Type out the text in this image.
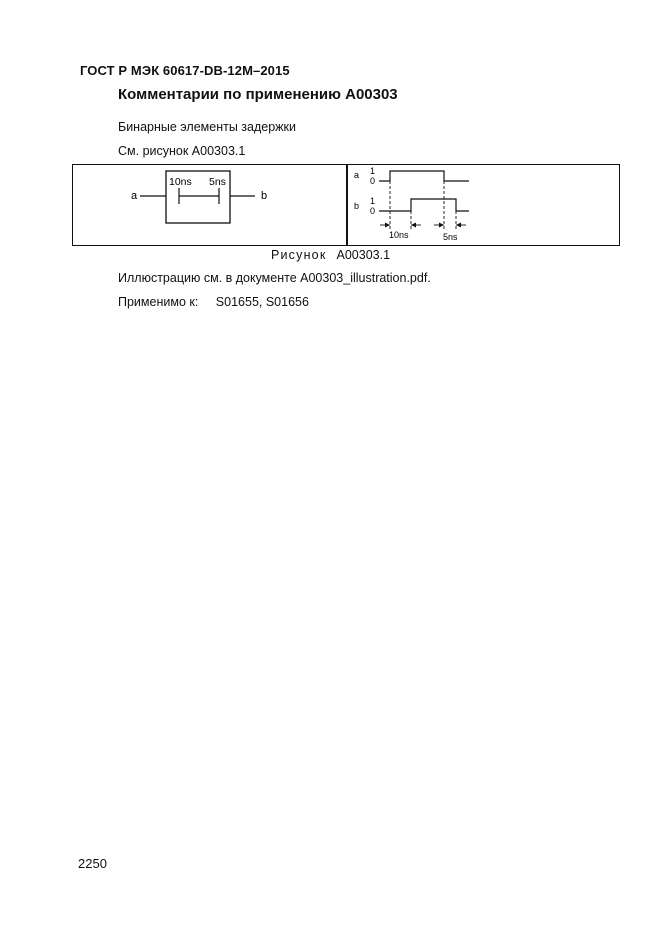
ГОСТ Р МЭК 60617-DB-12M–2015
Комментарии по применению A00303
Бинарные элементы задержки
См. рисунок A00303.1
a	b
10ns 5ns
a 1
0
b 1
0
10ns	5ns
Рисунок A00303.1
Иллюстрацию см. в документе A00303_illustration.pdf.
Применимо к: S01655, S01656
2250
